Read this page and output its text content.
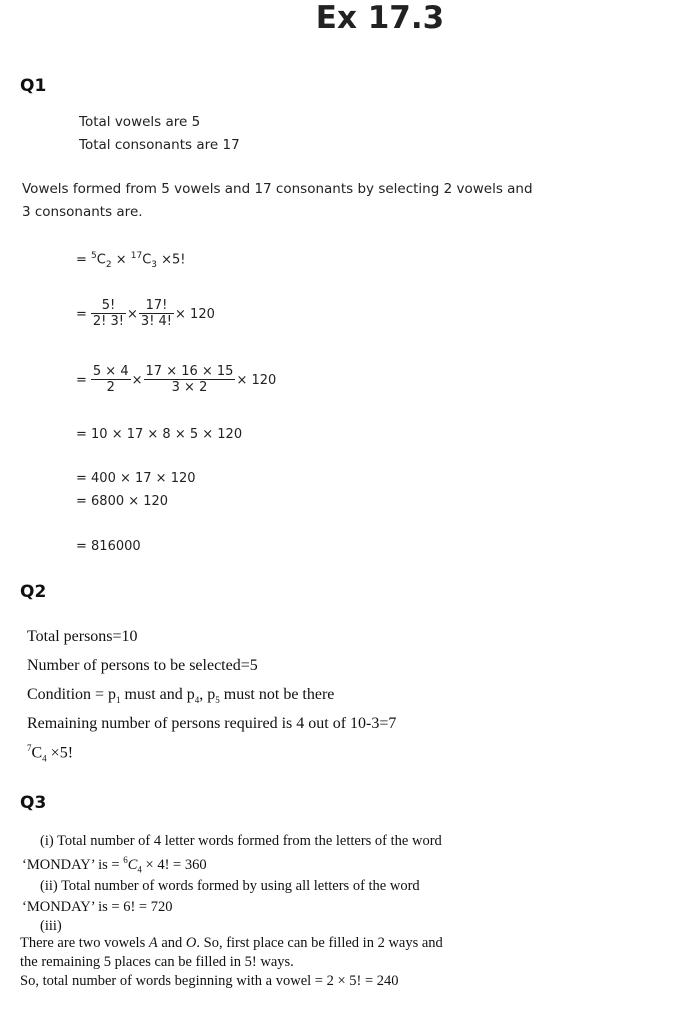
Ex 17.3
Q1
Total vowels are 5
Total consonants are 17
Vowels formed from 5 vowels and 17 consonants by selecting 2 vowels and
3 consonants are.
= $^5C_2 \times ^{17}C_3 \times 5$!
= $\frac{5!}{2! 3!} \times \frac{17!}{3! 4!} \times 120$
= $\frac{5 \times 4}{2} \times \frac{17 \times 16 \times 15}{3 \times 2} \times 120$
= 10 × 17 × 8 × 5 × 120
= 400 × 17 × 120
= 6800 × 120
= 816000
Q2
Total persons=10
Number of persons to be selected=5
Condition = $p_1$ must and $p_4$, $p_5$ must not be there
Remaining number of persons required is 4 out of 10-3=7
$^7C_4 \times 5$!
Q3
(i) Total number of 4 letter words formed from the letters of the word
‘MONDAY’ is = $^6C_4 \times 4$! = 360
(ii) Total number of words formed by using all letters of the word
‘MONDAY’ is = 6! = 720
(iii)
There are two vowels A and O. So, first place can be filled in 2 ways and
the remaining 5 places can be filled in 5! ways.
So, total number of words beginning with a vowel = 2 × 5! = 240
